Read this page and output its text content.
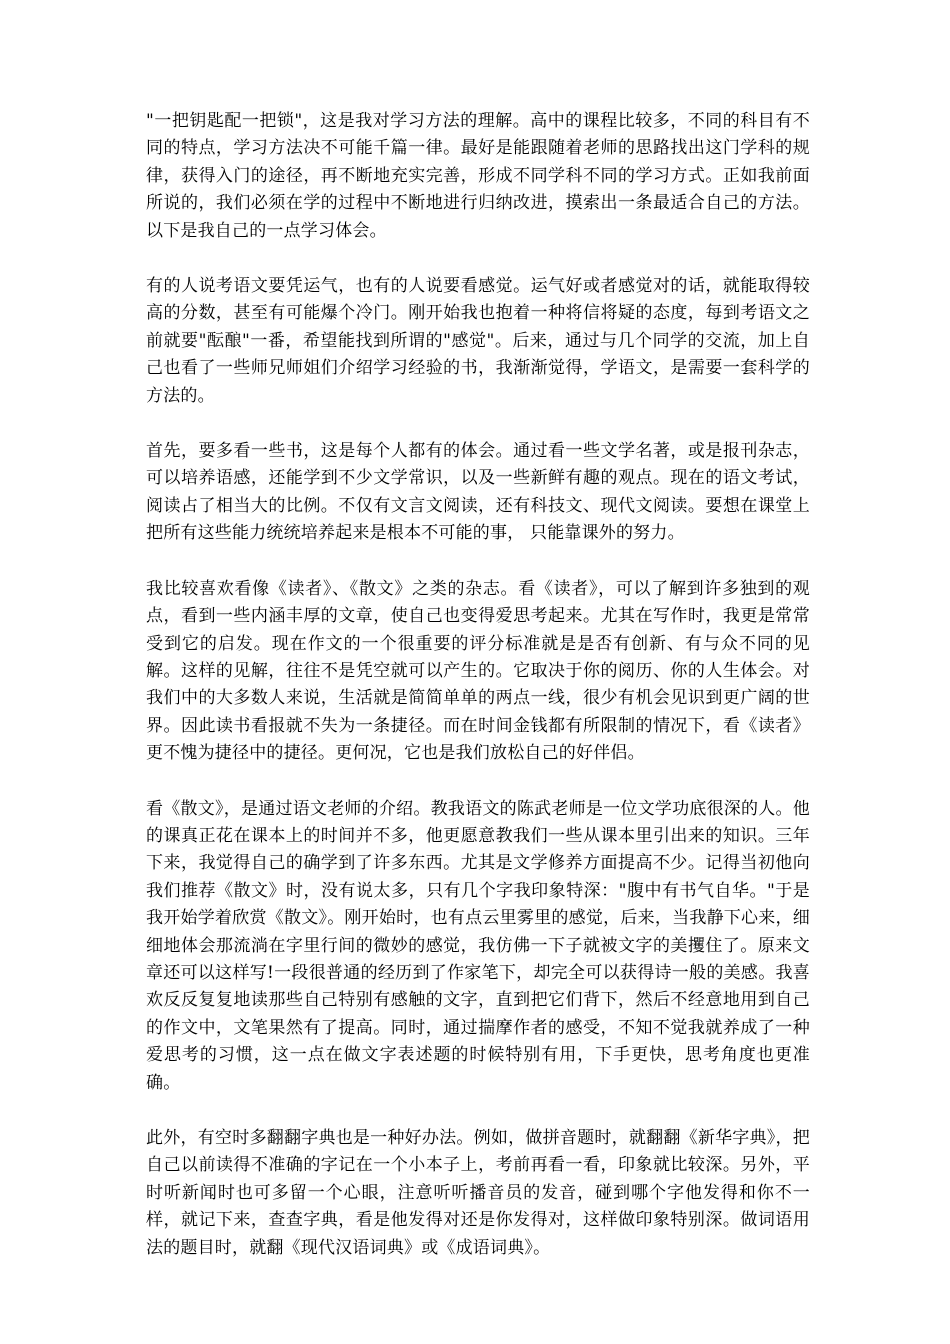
"一把钥匙配一把锁"，这是我对学习方法的理解。高中的课程比较多，不同的科目有不同的特点，学习方法决不可能千篇一律。最好是能跟随着老师的思路找出这门学科的规律，获得入门的途径，再不断地充实完善，形成不同学科不同的学习方式。正如我前面所说的，我们必须在学的过程中不断地进行归纳改进，摸索出一条最适合自己的方法。以下是我自己的一点学习体会。

有的人说考语文要凭运气，也有的人说要看感觉。运气好或者感觉对的话，就能取得较高的分数，甚至有可能爆个冷门。刚开始我也抱着一种将信将疑的态度，每到考语文之前就要"酝酿"一番，希望能找到所谓的"感觉"。后来，通过与几个同学的交流，加上自己也看了一些师兄师姐们介绍学习经验的书，我渐渐觉得，学语文，是需要一套科学的方法的。

首先，要多看一些书，这是每个人都有的体会。通过看一些文学名著，或是报刊杂志，可以培养语感，还能学到不少文学常识，以及一些新鲜有趣的观点。现在的语文考试，阅读占了相当大的比例。不仅有文言文阅读，还有科技文、现代文阅读。要想在课堂上把所有这些能力统统培养起来是根本不可能的事， 只能靠课外的努力。

我比较喜欢看像《读者》、《散文》之类的杂志。看《读者》，可以了解到许多独到的观点，看到一些内涵丰厚的文章，使自己也变得爱思考起来。尤其在写作时，我更是常常受到它的启发。现在作文的一个很重要的评分标准就是是否有创新、有与众不同的见解。这样的见解，往往不是凭空就可以产生的。它取决于你的阅历、你的人生体会。对我们中的大多数人来说，生活就是简简单单的两点一线，很少有机会见识到更广阔的世界。因此读书看报就不失为一条捷径。而在时间金钱都有所限制的情况下，看《读者》更不愧为捷径中的捷径。更何况，它也是我们放松自己的好伴侣。

看《散文》，是通过语文老师的介绍。教我语文的陈武老师是一位文学功底很深的人。他的课真正花在课本上的时间并不多，他更愿意教我们一些从课本里引出来的知识。三年下来，我觉得自己的确学到了许多东西。尤其是文学修养方面提高不少。记得当初他向我们推荐《散文》时，没有说太多，只有几个字我印象特深："腹中有书气自华。"于是我开始学着欣赏《散文》。刚开始时，也有点云里雾里的感觉，后来，当我静下心来，细细地体会那流淌在字里行间的微妙的感觉，我仿佛一下子就被文字的美攫住了。原来文章还可以这样写!一段很普通的经历到了作家笔下，却完全可以获得诗一般的美感。我喜欢反反复复地读那些自己特别有感触的文字，直到把它们背下，然后不经意地用到自己的作文中，文笔果然有了提高。同时，通过揣摩作者的感受，不知不觉我就养成了一种爱思考的习惯，这一点在做文字表述题的时候特别有用，下手更快，思考角度也更准确。

此外，有空时多翻翻字典也是一种好办法。例如，做拼音题时，就翻翻《新华字典》，把自己以前读得不准确的字记在一个小本子上，考前再看一看，印象就比较深。另外，平时听新闻时也可多留一个心眼，注意听听播音员的发音，碰到哪个字他发得和你不一样，就记下来，查查字典，看是他发得对还是你发得对，这样做印象特别深。做词语用法的题目时，就翻《现代汉语词典》或《成语词典》。
